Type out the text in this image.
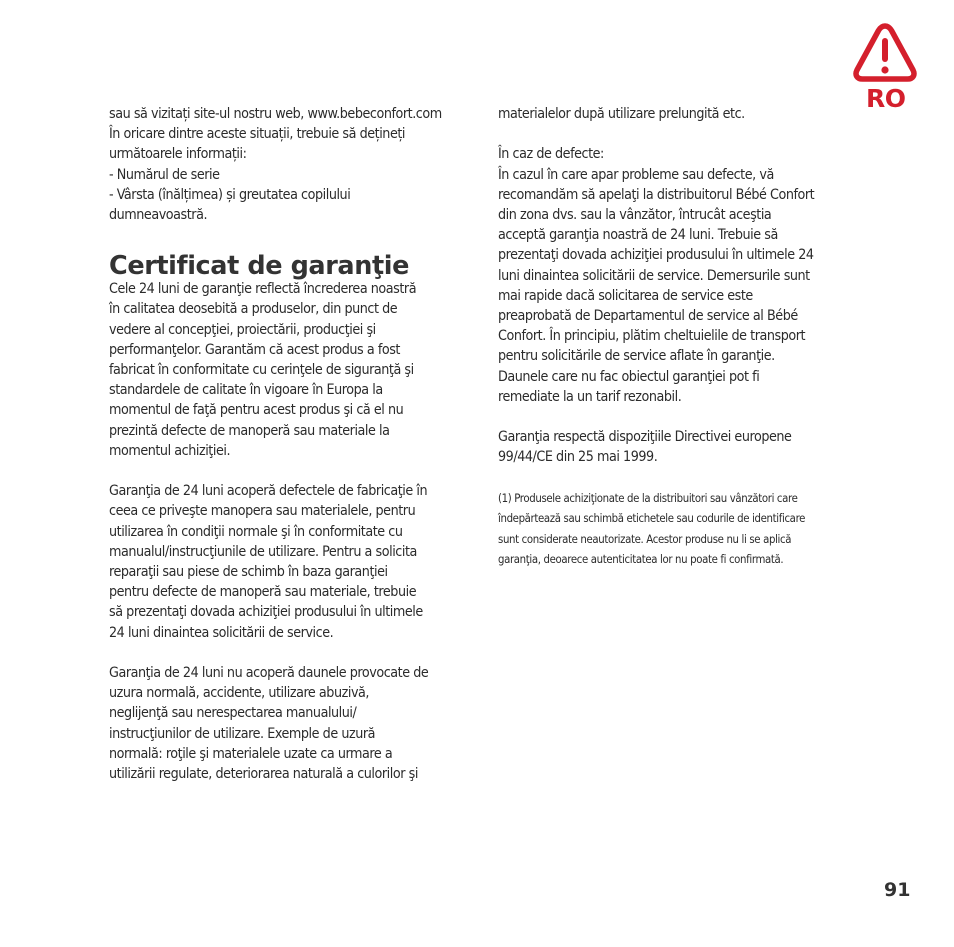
RO

sau să vizitați site-ul nostru web, www.bebeconfort.com
În oricare dintre aceste situații, trebuie să dețineți
următoarele informații:
- Numărul de serie
- Vârsta (înălțimea) și greutatea copilului
dumneavoastră.

Certificat de garanţie

Cele 24 luni de garanţie reflectă încrederea noastră
în calitatea deosebită a produselor, din punct de
vedere al concepţiei, proiectării, producţiei şi
performanţelor. Garantăm că acest produs a fost
fabricat în conformitate cu cerinţele de siguranţă şi
standardele de calitate în vigoare în Europa la
momentul de faţă pentru acest produs şi că el nu
prezintă defecte de manoperă sau materiale la
momentul achiziţiei.

Garanţia de 24 luni acoperă defectele de fabricaţie în
ceea ce priveşte manopera sau materialele, pentru
utilizarea în condiţii normale şi în conformitate cu
manualul/instrucţiunile de utilizare. Pentru a solicita
reparaţii sau piese de schimb în baza garanţiei
pentru defecte de manoperă sau materiale, trebuie
să prezentaţi dovada achiziţiei produsului în ultimele
24 luni dinaintea solicitării de service.

Garanţia de 24 luni nu acoperă daunele provocate de
uzura normală, accidente, utilizare abuzivă,
neglijenţă sau nerespectarea manualului/
instrucţiunilor de utilizare. Exemple de uzură
normală: roţile şi materialele uzate ca urmare a
utilizării regulate, deteriorarea naturală a culorilor şi

materialelor după utilizare prelungită etc.

În caz de defecte:
În cazul în care apar probleme sau defecte, vă
recomandăm să apelaţi la distribuitorul Bébé Confort
din zona dvs. sau la vânzător, întrucât aceştia
acceptă garanţia noastră de 24 luni. Trebuie să
prezentaţi dovada achiziţiei produsului în ultimele 24
luni dinaintea solicitării de service. Demersurile sunt
mai rapide dacă solicitarea de service este
preaprobată de Departamentul de service al Bébé
Confort. În principiu, plătim cheltuielile de transport
pentru solicitările de service aflate în garanţie.
Daunele care nu fac obiectul garanţiei pot fi
remediate la un tarif rezonabil.

Garanţia respectă dispoziţiile Directivei europene
99/44/CE din 25 mai 1999.

(1) Produsele achiziţionate de la distribuitori sau vânzători care
îndepărtează sau schimbă etichetele sau codurile de identificare
sunt considerate neautorizate. Acestor produse nu li se aplică
garanţia, deoarece autenticitatea lor nu poate fi confirmată.

91
